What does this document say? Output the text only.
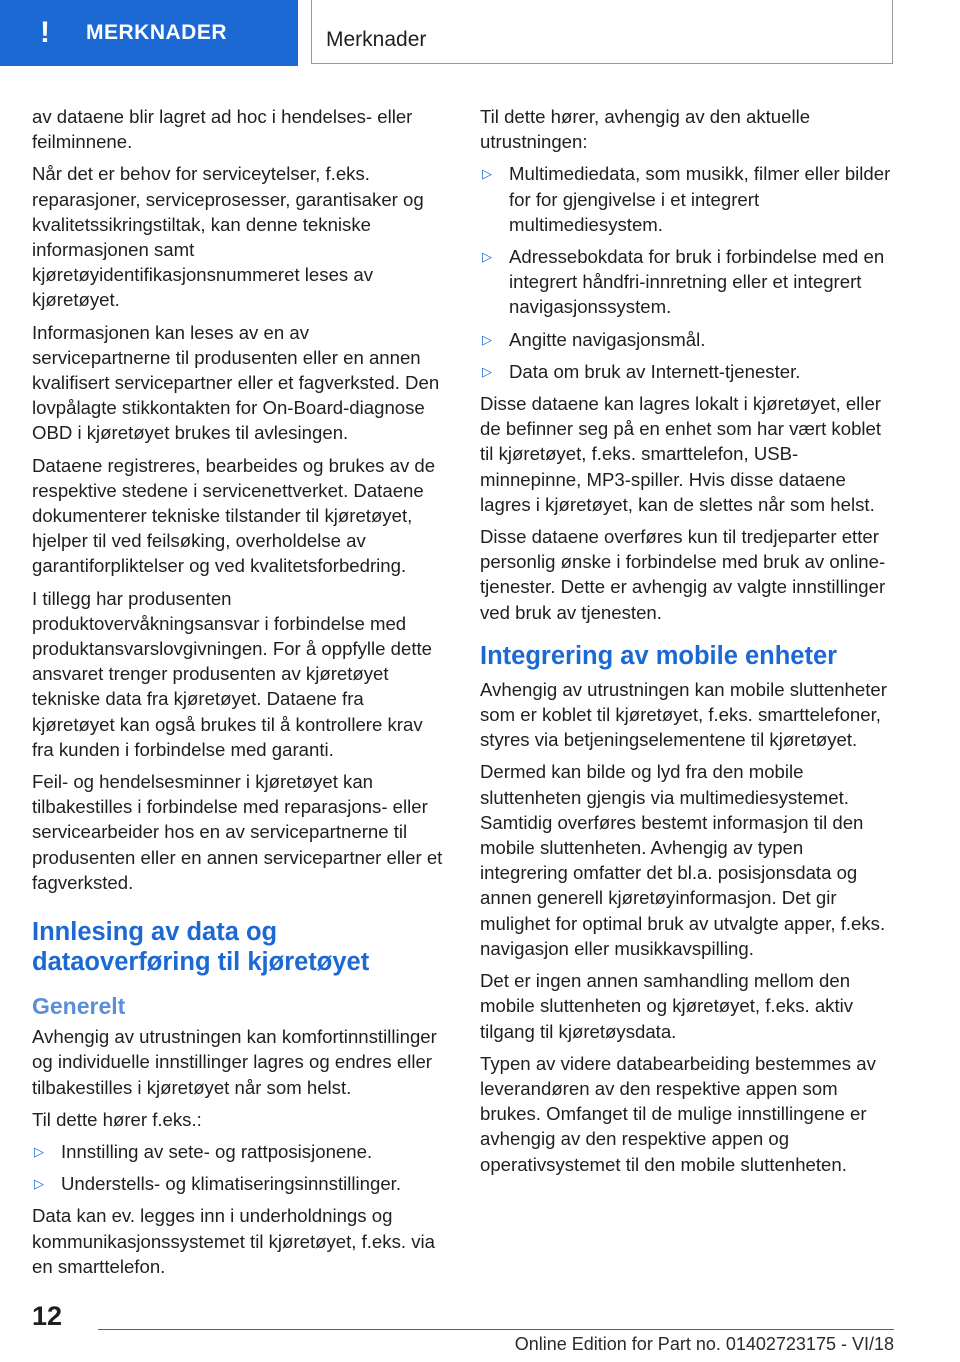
!	MERKNADER	Merknader

av dataene blir lagret ad hoc i hendelses- eller feilminnene.

Når det er behov for serviceytelser, f.eks. reparasjoner, serviceprosesser, garantisaker og kvalitetssikringstiltak, kan denne tekniske informasjonen samt kjøretøyidentifikasjonsnummeret leses av kjøretøyet.

Informasjonen kan leses av en av servicepartnerne til produsenten eller en annen kvalifisert servicepartner eller et fagverksted. Den lovpålagte stikkontakten for On-Board-diagnose OBD i kjøretøyet brukes til avlesingen.

Dataene registreres, bearbeides og brukes av de respektive stedene i servicenettverket. Dataene dokumenterer tekniske tilstander til kjøretøyet, hjelper til ved feilsøking, overholdelse av garantiforpliktelser og ved kvalitetsforbedring.

I tillegg har produsenten produktovervåkningsansvar i forbindelse med produktansvarslovgivningen. For å oppfylle dette ansvaret trenger produsenten av kjøretøyet tekniske data fra kjøretøyet. Dataene fra kjøretøyet kan også brukes til å kontrollere krav fra kunden i forbindelse med garanti.

Feil- og hendelsesminner i kjøretøyet kan tilbakestilles i forbindelse med reparasjons- eller servicearbeider hos en av servicepartnerne til produsenten eller en annen servicepartner eller et fagverksted.

Innlesing av data og dataoverføring til kjøretøyet
Generelt

Avhengig av utrustningen kan komfortinnstillinger og individuelle innstillinger lagres og endres eller tilbakestilles i kjøretøyet når som helst.

Til dette hører f.eks.:

▷ Innstilling av sete- og rattposisjonene.
▷ Understells- og klimatiseringsinnstillinger.

Data kan ev. legges inn i underholdnings og kommunikasjonssystemet til kjøretøyet, f.eks. via en smarttelefon.

Til dette hører, avhengig av den aktuelle utrustningen:

▷ Multimediedata, som musikk, filmer eller bilder for for gjengivelse i et integrert multimediesystem.
▷ Adressebokdata for bruk i forbindelse med en integrert håndfri-innretning eller et integrert navigasjonssystem.
▷ Angitte navigasjonsmål.
▷ Data om bruk av Internett-tjenester.

Disse dataene kan lagres lokalt i kjøretøyet, eller de befinner seg på en enhet som har vært koblet til kjøretøyet, f.eks. smarttelefon, USB-minnepinne, MP3-spiller. Hvis disse dataene lagres i kjøretøyet, kan de slettes når som helst.

Disse dataene overføres kun til tredjeparter etter personlig ønske i forbindelse med bruk av online-tjenester. Dette er avhengig av valgte innstillinger ved bruk av tjenesten.

Integrering av mobile enheter

Avhengig av utrustningen kan mobile sluttenheter som er koblet til kjøretøyet, f.eks. smarttelefoner, styres via betjeningselementene til kjøretøyet.

Dermed kan bilde og lyd fra den mobile sluttenheten gjengis via multimediesystemet. Samtidig overføres bestemt informasjon til den mobile sluttenheten. Avhengig av typen integrering omfatter det bl.a. posisjonsdata og annen generell kjøretøyinformasjon. Det gir mulighet for optimal bruk av utvalgte apper, f.eks. navigasjon eller musikkavspilling.

Det er ingen annen samhandling mellom den mobile sluttenheten og kjøretøyet, f.eks. aktiv tilgang til kjøretøysdata.

Typen av videre databearbeiding bestemmes av leverandøren av den respektive appen som brukes. Omfanget til de mulige innstillingene er avhengig av den respektive appen og operativsystemet til den mobile sluttenheten.

12
Online Edition for Part no. 01402723175 - VI/18
